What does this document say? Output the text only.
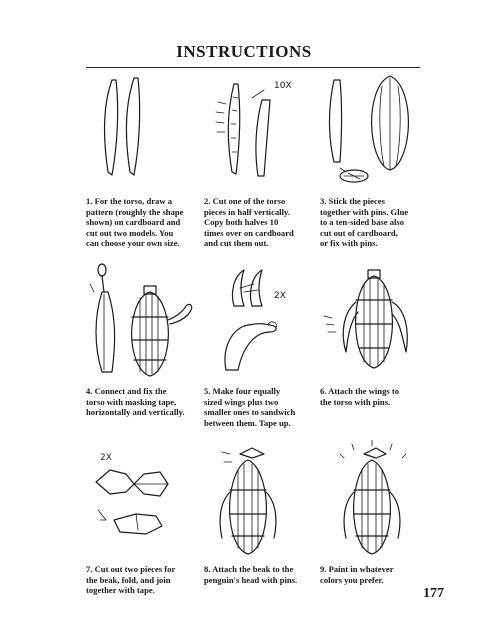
INSTRUCTIONS
1. For the torso, draw a
pattern (roughly the shape
shown) on cardboard and
cut out two models. You
can choose your own size.
10X
2. Cut one of the torso
pieces in half vertically.
Copy both halves 10
times over on cardboard
and cut them out.
3. Stick the pieces
together with pins. Glue
to a ten-sided base also
cut out of cardboard,
or fix with pins.
4. Connect and fix the
torso with masking tape,
horizontally and vertically.
2X
5. Make four equally
sized wings plus two
smaller ones to sandwich
between them. Tape up.
6. Attach the wings to
the torso with pins.
2X
7. Cut out two pieces for
the beak, fold, and join
together with tape.
8. Attach the beak to the
penguin's head with pins.
9. Paint in whatever
colors you prefer.
177
